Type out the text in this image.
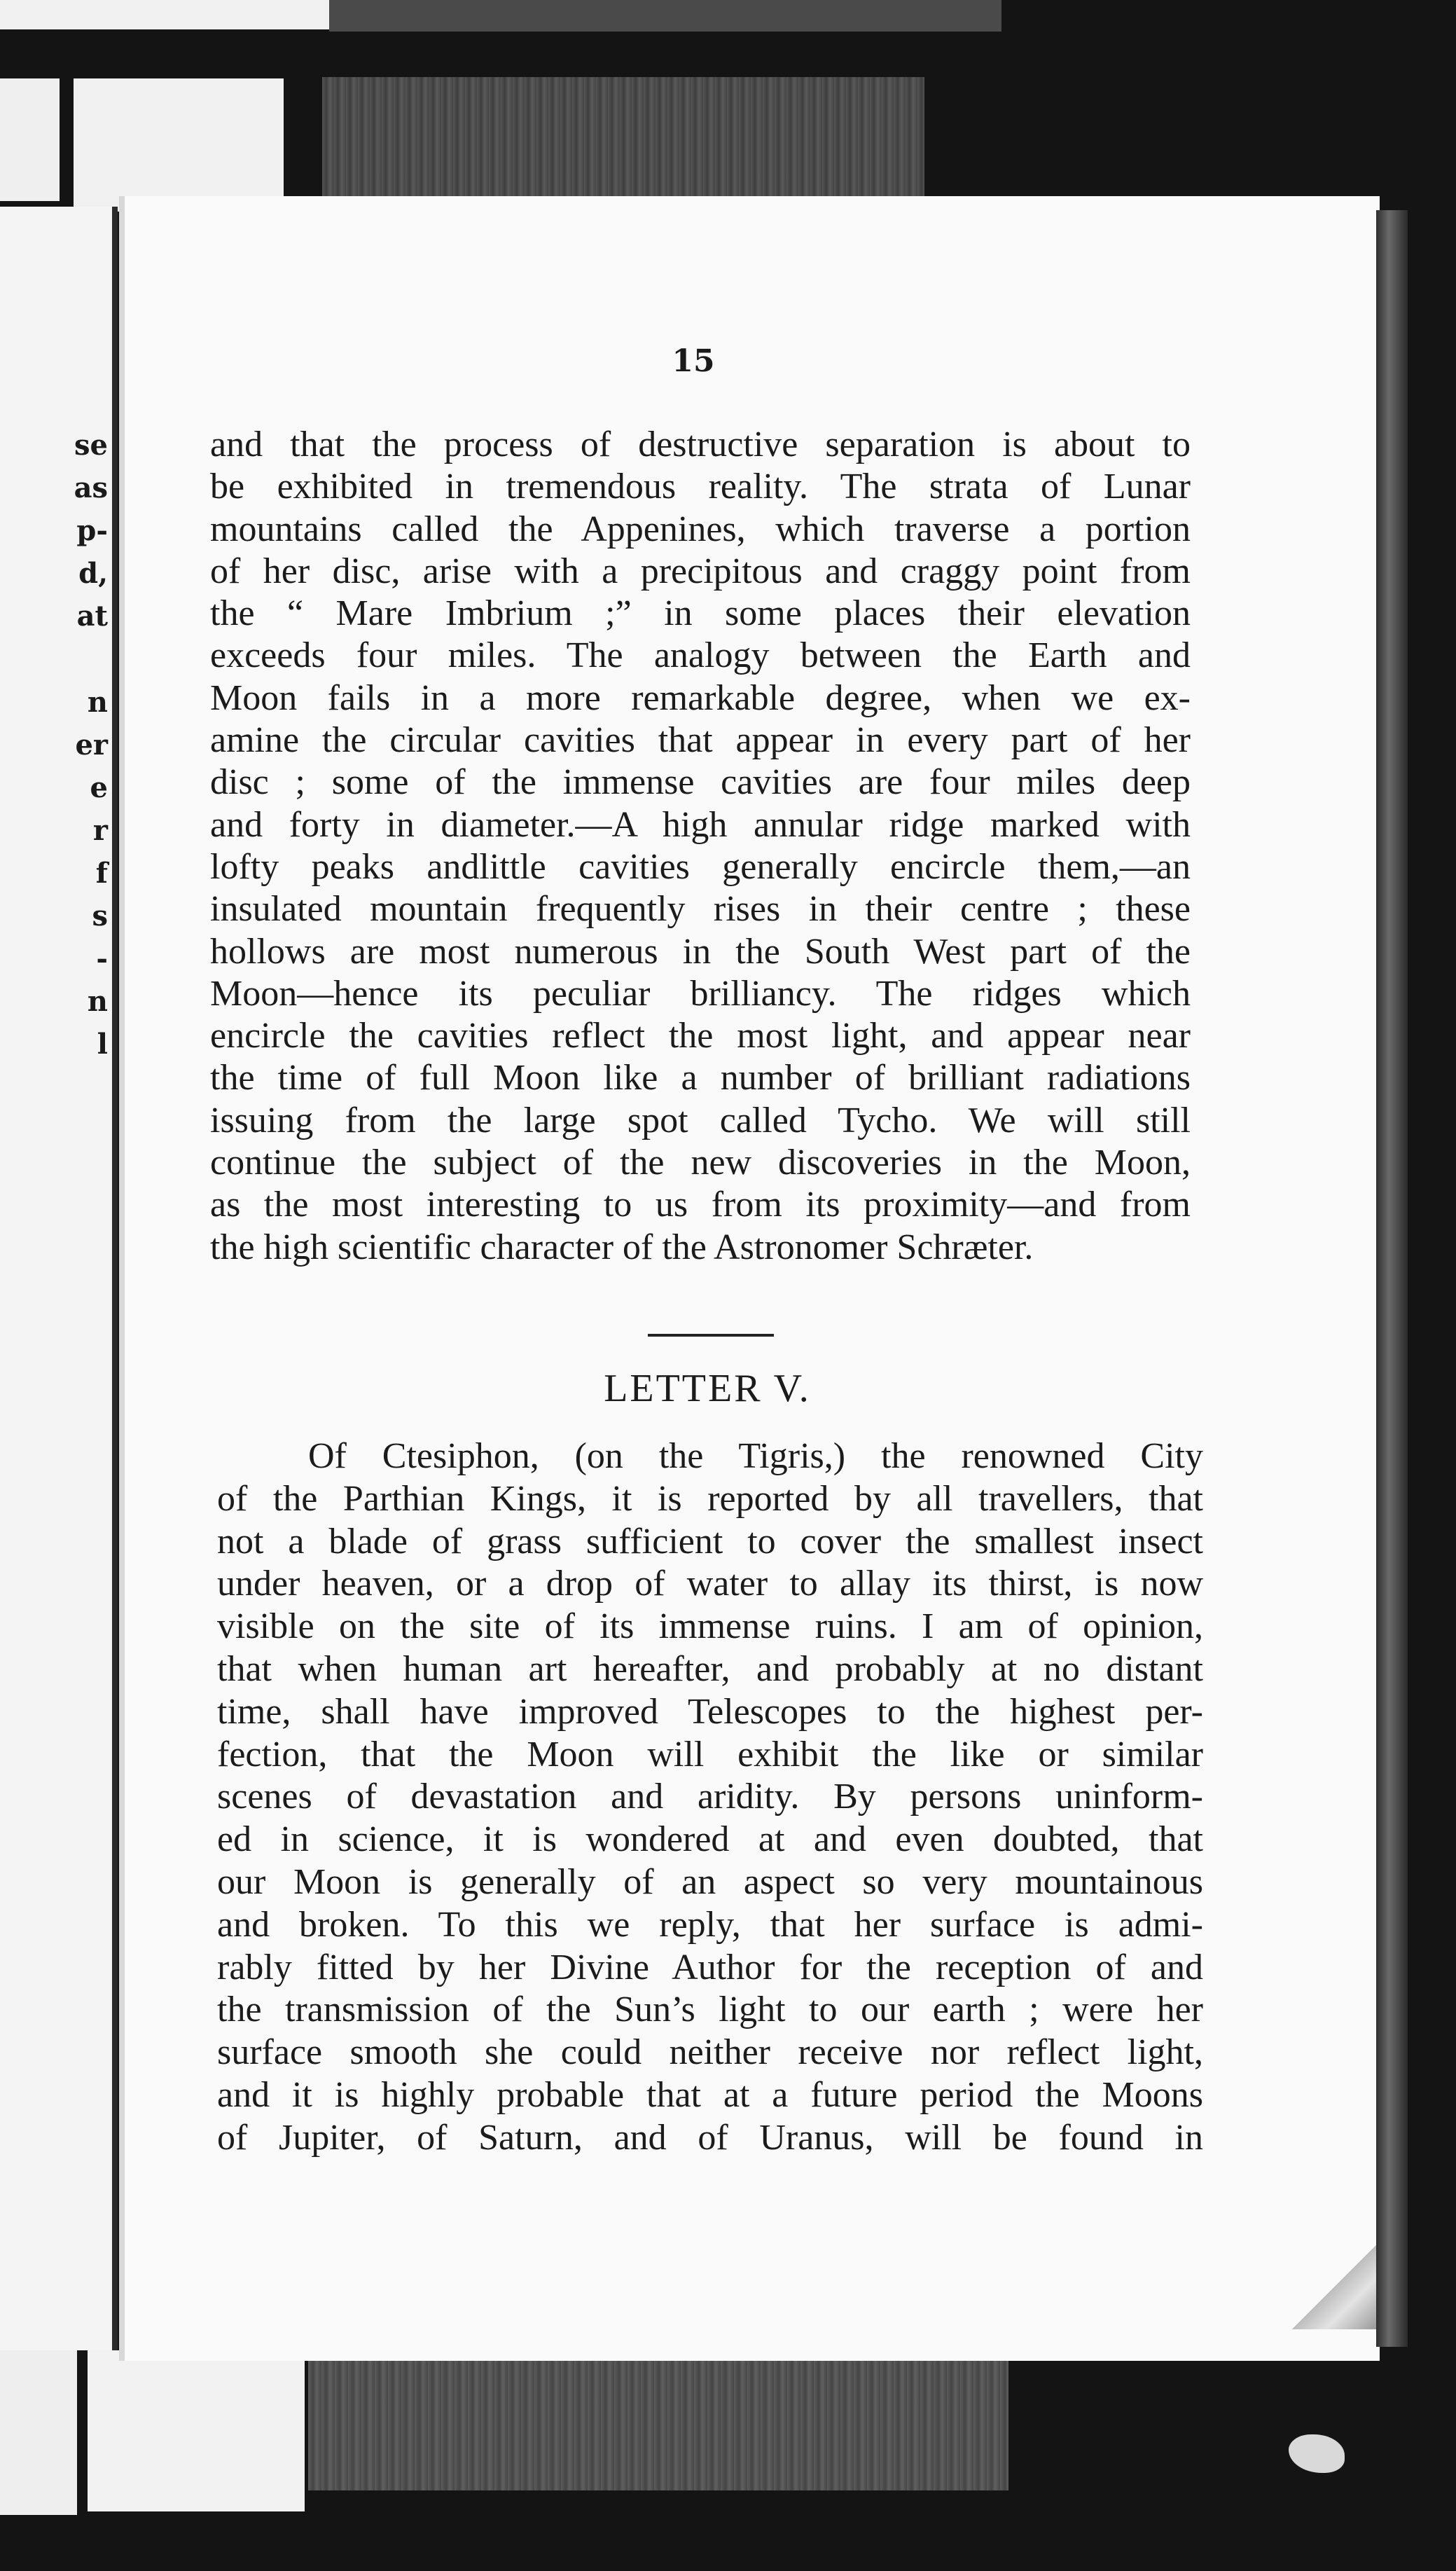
se
as
p-
d,
at
n
er
e
r
f
s
-
n
l
15
and that the process of destructive separation is about to
be exhibited in tremendous reality. The strata of Lunar
mountains called the Appenines, which traverse a portion
of her disc, arise with a precipitous and craggy point from
the “ Mare Imbrium ;” in some places their elevation
exceeds four miles. The analogy between the Earth and
Moon fails in a more remarkable degree, when we ex-
amine the circular cavities that appear in every part of her
disc ; some of the immense cavities are four miles deep
and forty in diameter.—A high annular ridge marked with
lofty peaks andlittle cavities generally encircle them,—an
insulated mountain frequently rises in their centre ; these
hollows are most numerous in the South West part of the
Moon—hence its peculiar brilliancy. The ridges which
encircle the cavities reflect the most light, and appear near
the time of full Moon like a number of brilliant radiations
issuing from the large spot called Tycho. We will still
continue the subject of the new discoveries in the Moon,
as the most interesting to us from its proximity—and from
the high scientific character of the Astronomer Schræter.
LETTER V.
Of Ctesiphon, (on the Tigris,) the renowned City
of the Parthian Kings, it is reported by all travellers, that
not a blade of grass sufficient to cover the smallest insect
under heaven, or a drop of water to allay its thirst, is now
visible on the site of its immense ruins. I am of opinion,
that when human art hereafter, and probably at no distant
time, shall have improved Telescopes to the highest per-
fection, that the Moon will exhibit the like or similar
scenes of devastation and aridity. By persons uninform-
ed in science, it is wondered at and even doubted, that
our Moon is generally of an aspect so very mountainous
and broken. To this we reply, that her surface is admi-
rably fitted by her Divine Author for the reception of and
the transmission of the Sun’s light to our earth ; were her
surface smooth she could neither receive nor reflect light,
and it is highly probable that at a future period the Moons
of Jupiter, of Saturn, and of Uranus, will be found in
